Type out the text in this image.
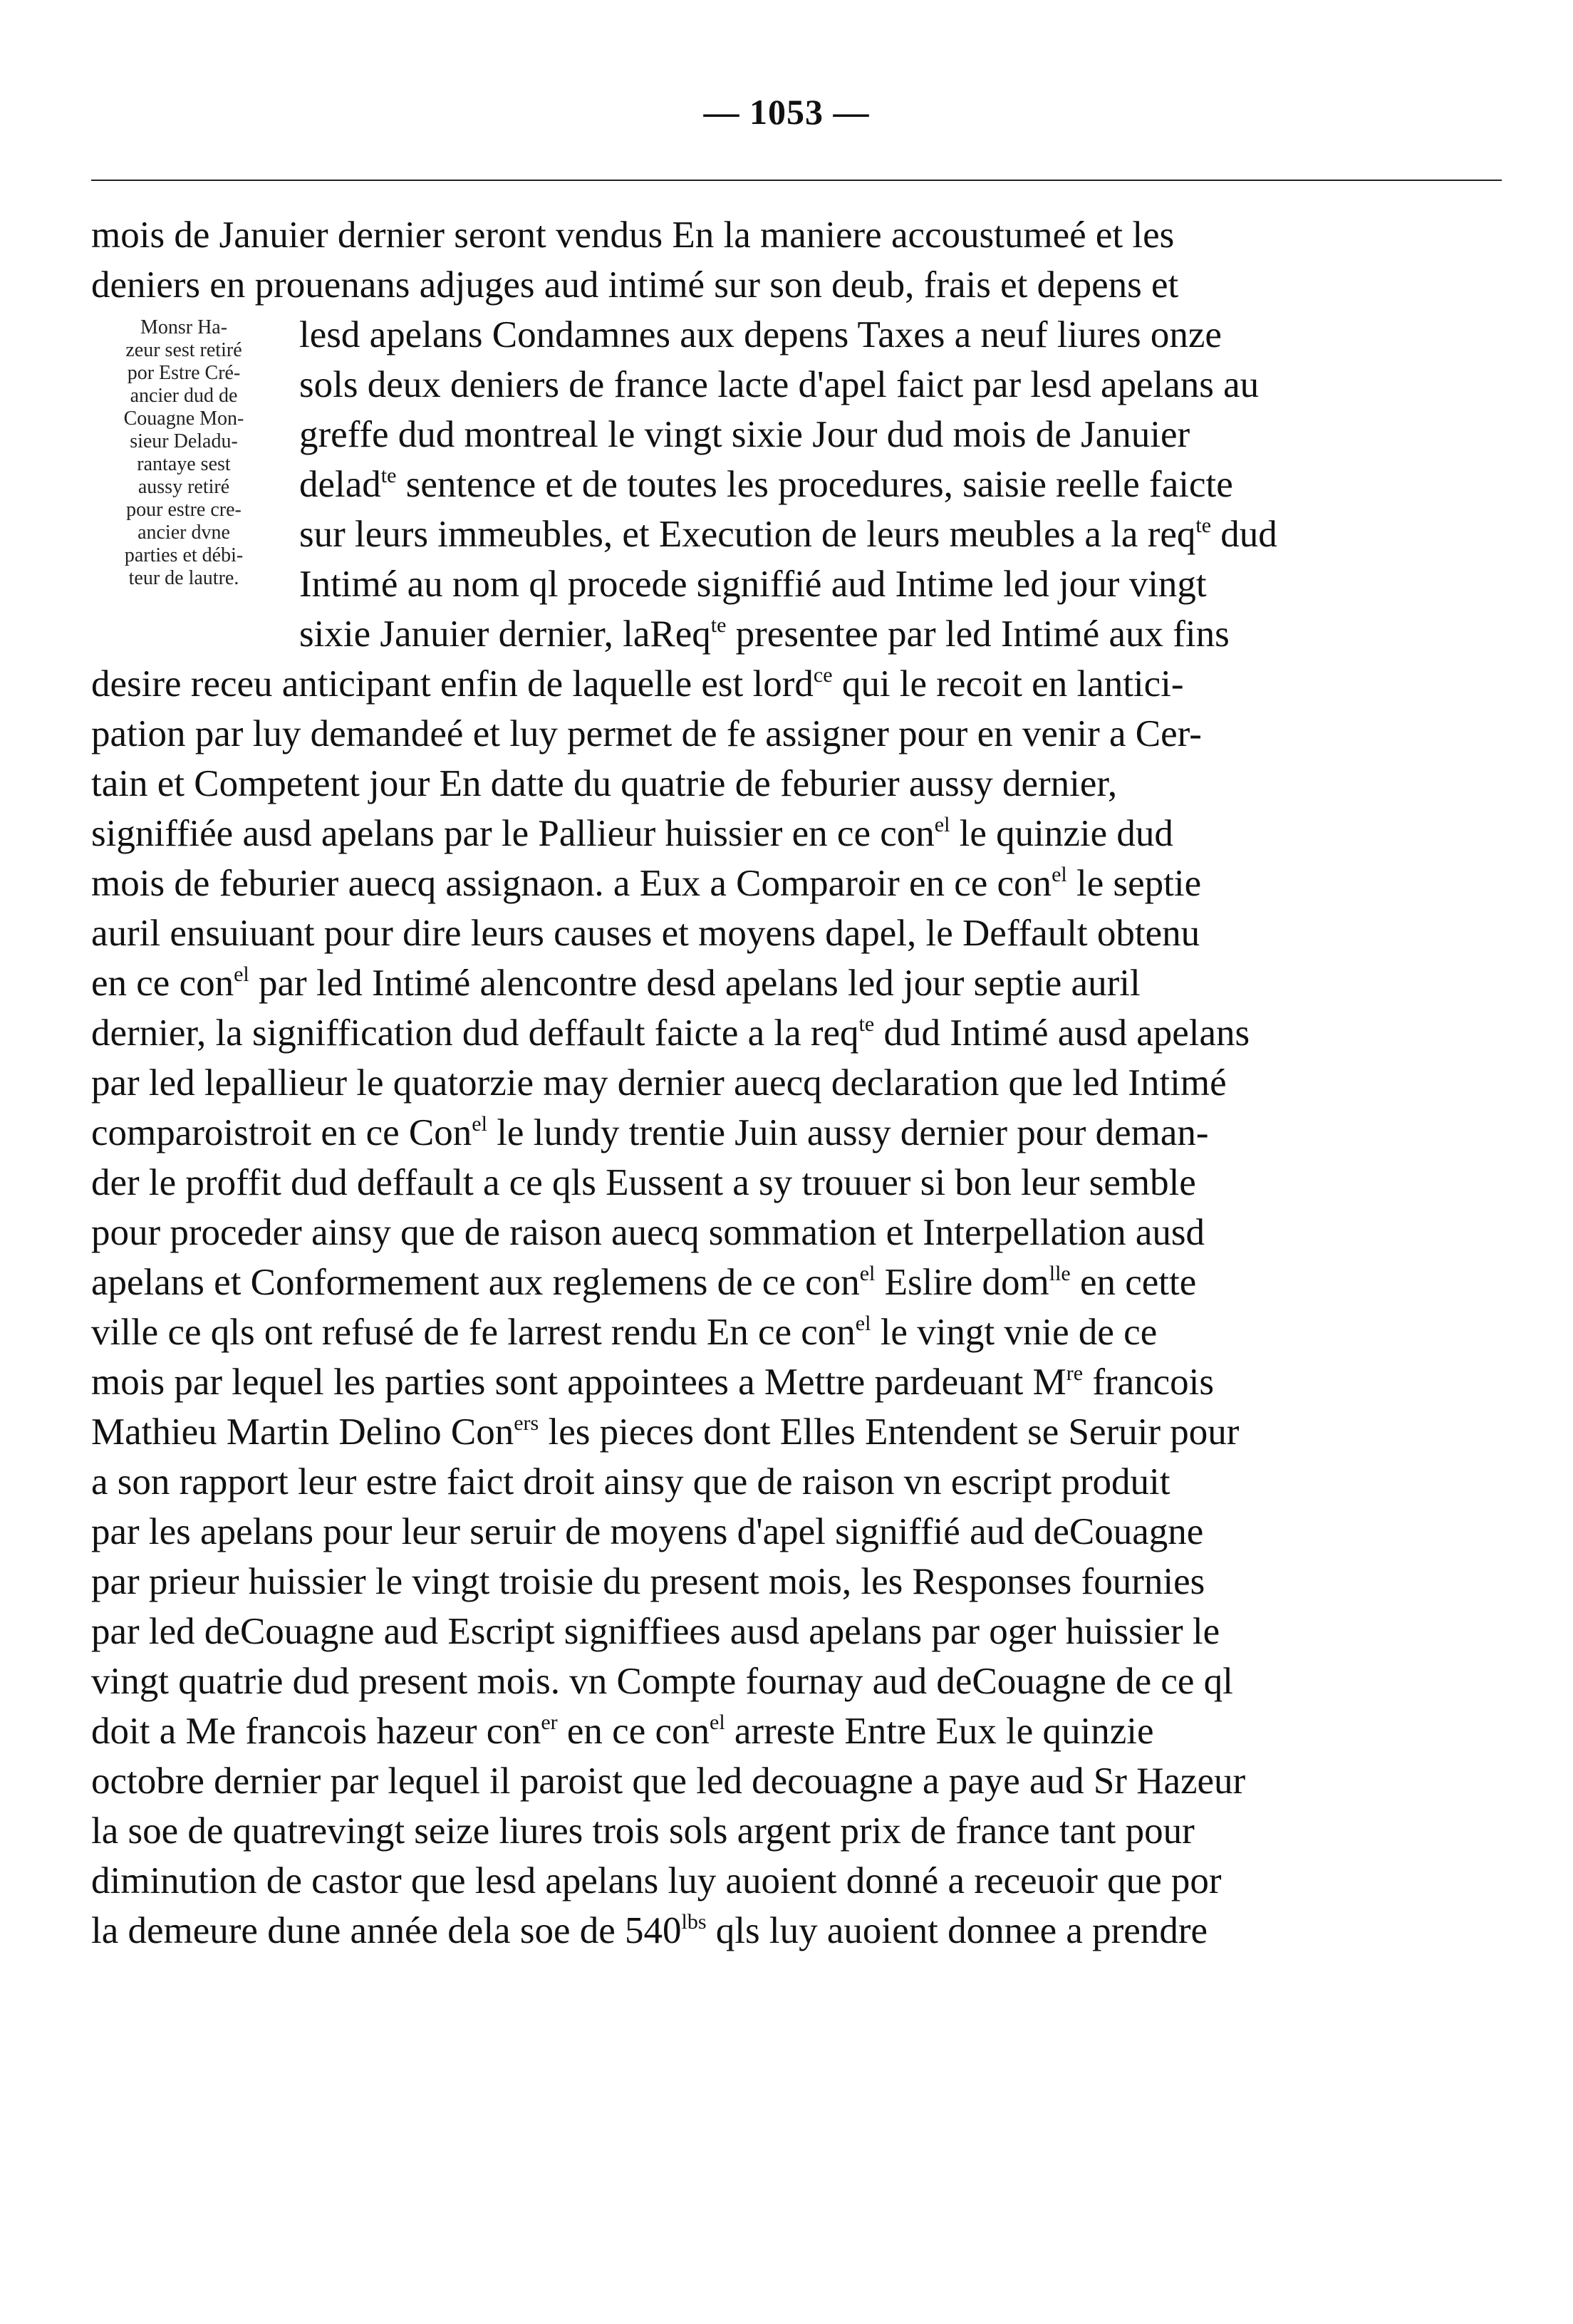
— 1053 —
Monsr Ha-
zeur sest retiré
por Estre Cré-
ancier dud de
Couagne Mon-
sieur Deladu-
rantaye sest
aussy retiré
pour estre cre-
ancier dvne
parties et débi-
teur de lautre.
mois de Januier dernier seront vendus En la maniere accoustumeé et les
deniers en prouenans adjuges aud intimé sur son deub, frais et depens et
lesd apelans Condamnes aux depens Taxes a neuf liures onze
sols deux deniers de france lacte d'apel faict par lesd apelans au
greffe dud montreal le vingt sixie Jour dud mois de Januier
delad$^{te}$ sentence et de toutes les procedures, saisie reelle faicte
sur leurs immeubles, et Execution de leurs meubles a la req$^{te}$ dud
Intimé au nom ql procede signiffié aud Intime led jour vingt
sixie Januier dernier, laReq$^{te}$ presentee par led Intimé aux fins
desire receu anticipant enfin de laquelle est lord$^{ce}$ qui le recoit en lantici-
pation par luy demandeé et luy permet de fe assigner pour en venir a Cer-
tain et Competent jour En datte du quatrie de feburier aussy dernier,
signiffiée ausd apelans par le Pallieur huissier en ce con$^{el}$ le quinzie dud
mois de feburier auecq assignaon. a Eux a Comparoir en ce con$^{el}$ le septie
auril ensuiuant pour dire leurs causes et moyens dapel, le Deffault obtenu
en ce con$^{el}$ par led Intimé alencontre desd apelans led jour septie auril
dernier, la signiffication dud deffault faicte a la req$^{te}$ dud Intimé ausd apelans
par led lepallieur le quatorzie may dernier auecq declaration que led Intimé
comparoistroit en ce Con$^{el}$ le lundy trentie Juin aussy dernier pour deman-
der le proffit dud deffault a ce qls Eussent a sy trouuer si bon leur semble
pour proceder ainsy que de raison auecq sommation et Interpellation ausd
apelans et Conformement aux reglemens de ce con$^{el}$ Eslire dom$^{lle}$ en cette
ville ce qls ont refusé de fe larrest rendu En ce con$^{el}$ le vingt vnie de ce
mois par lequel les parties sont appointees a Mettre pardeuant Mre francois
Mathieu Martin Delino Con$^{ers}$ les pieces dont Elles Entendent se Seruir pour
a son rapport leur estre faict droit ainsy que de raison vn escript produit
par les apelans pour leur seruir de moyens d'apel signiffié aud deCouagne
par prieur huissier le vingt troisie du present mois, les Responses fournies
par led deCouagne aud Escript signiffiees ausd apelans par oger huissier le
vingt quatrie dud present mois. vn Compte fournay aud deCouagne de ce ql
doit a Me francois hazeur con$^{er}$ en ce con$^{el}$ arreste Entre Eux le quinzie
octobre dernier par lequel il paroist que led decouagne a paye aud Sr Hazeur
la soe de quatrevingt seize liures trois sols argent prix de france tant pour
diminution de castor que lesd apelans luy auoient donné a receuoir que por
la demeure dune année dela soe de $540^{lbs}$ qls luy auoient donnee a prendre
